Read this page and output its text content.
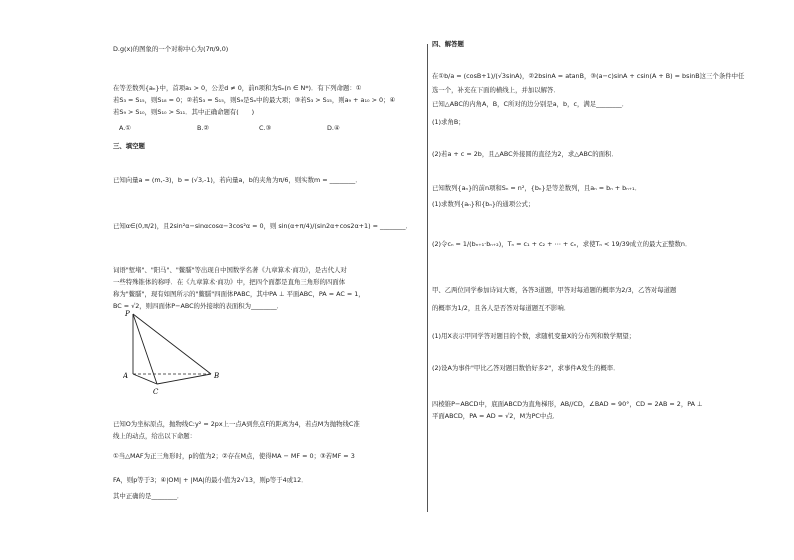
D.g(x)的图象的一个对称中心为(7π/9,0)
在等差数列{aₙ}中，首项a₁ > 0，公差d ≠ 0，前n项和为Sₙ(n ∈ N*)．有下列命题：①
若S₃ = S₁₅，则S₁₈ = 0；②若S₃ = S₁₅，则S₉是Sₙ中的最大项；③若S₃ > S₁₅，则a₉ + a₁₀ > 0；④
若S₉ > S₁₀，则S₁₀ > S₁₁．其中正确命题有(　　)
A.①	B.②	C.③	D.④
三、填空题
已知向量a = (m,-3)，b = (√3,-1)，若向量a，b的夹角为π/6，则实数m = ________．
已知α∈(0,π/2)，且2sin²α−sinαcosα−3cos²α = 0，则 sin(α+π/4)/(sin2α+cos2α+1) = ________．
词语"堑堵"、"阳马"、"鳖臑"等出现自中国数学名著《九章算术·商功》，是古代人对
一些特殊锥体的称呼．在《九章算术·商功》中，把四个面都是直角三角形的四面体
称为"鳖臑"，现有如图所示的"鳖臑"四面体PABC，其中PA ⊥ 平面ABC，PA = AC = 1，
BC = √2，则四面体P−ABC的外接球的表面积为________．
P
A	B
C
已知O为坐标原点，抛物线C:y² = 2px上一点A到焦点F的距离为4，若点M为抛物线C准
线上的动点，给出以下命题：
①当△MAF为正三角形时，p的值为2；②存在M点，使得MA − MF = 0；③若MF = 3
FA，则p等于3；④|OM| + |MA|的最小值为2√13，则p等于4或12．
其中正确的是________．
四、解答题
在①b/a = (cosB+1)/(√3sinA)，②2bsinA = atanB，③(a−c)sinA + csin(A + B) = bsinB这三个条件中任
选一个，补充在下面的横线上，并加以解答．
已知△ABC的内角A，B，C所对的边分别是a，b，c，满足________．
(1)求角B；
(2)若a + c = 2b，且△ABC外接圆的直径为2，求△ABC的面积．
已知数列{aₙ}的前n项和Sₙ = n²，{bₙ}是等差数列，且aₙ = bₙ + bₙ₊₁．
(1)求数列{aₙ}和{bₙ}的通项公式；
(2)令cₙ = 1/(bₙ₊₁·bₙ₊₂)，Tₙ = c₁ + c₂ + ⋯ + cₙ，求使Tₙ < 19/39成立的最大正整数n．
甲、乙两位同学参加诗词大赛，各答3道题，甲答对每道题的概率为2/3，乙答对每道题
的概率为1/2，且各人是否答对每道题互不影响．
(1)用X表示甲同学答对题目的个数，求随机变量X的分布列和数学期望；
(2)设A为事件"甲比乙答对题目数恰好多2"，求事件A发生的概率．
四棱锥P−ABCD中，底面ABCD为直角梯形，AB//CD，∠BAD = 90°，CD = 2AB = 2，PA ⊥
平面ABCD，PA = AD = √2，M为PC中点．
